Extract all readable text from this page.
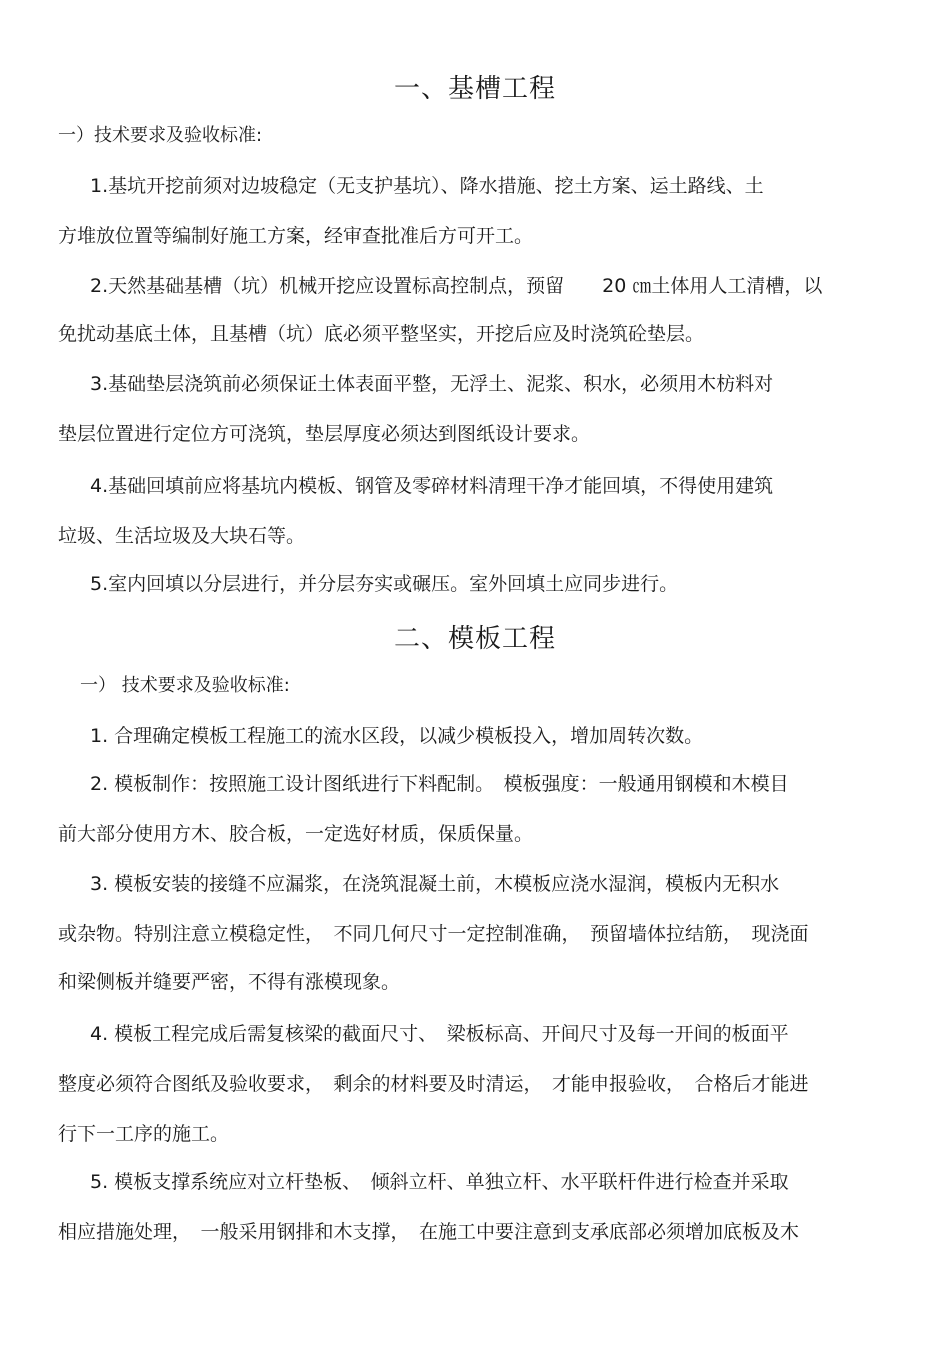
一、基槽工程
一）技术要求及验收标准:
1.基坑开挖前须对边坡稳定（无支护基坑）、降水措施、挖土方案、运土路线、土
方堆放位置等编制好施工方案，经审查批准后方可开工。
2.天然基础基槽（坑）机械开挖应设置标高控制点，预留　　20 ㎝土体用人工清槽，以
免扰动基底土体，且基槽（坑）底必须平整坚实，开挖后应及时浇筑砼垫层。
3.基础垫层浇筑前必须保证土体表面平整，无浮土、泥浆、积水，必须用木枋料对
垫层位置进行定位方可浇筑，垫层厚度必须达到图纸设计要求。
4.基础回填前应将基坑内模板、钢管及零碎材料清理干净才能回填，不得使用建筑
垃圾、生活垃圾及大块石等。
5.室内回填以分层进行，并分层夯实或碾压。室外回填土应同步进行。
二、模板工程
一） 技术要求及验收标准:
1. 合理确定模板工程施工的流水区段，以减少模板投入，增加周转次数。
2. 模板制作：按照施工设计图纸进行下料配制。　模板强度：一般通用钢模和木模目
前大部分使用方木、胶合板，一定选好材质，保质保量。
3. 模板安装的接缝不应漏浆，在浇筑混凝土前，木模板应浇水湿润，模板内无积水
或杂物。特别注意立模稳定性，　不同几何尺寸一定控制准确，　预留墙体拉结筋，　现浇面
和梁侧板并缝要严密，不得有涨模现象。
4. 模板工程完成后需复核梁的截面尺寸、　梁板标高、开间尺寸及每一开间的板面平
整度必须符合图纸及验收要求，　剩余的材料要及时清运，　才能申报验收，　合格后才能进
行下一工序的施工。
5. 模板支撑系统应对立杆垫板、　倾斜立杆、单独立杆、水平联杆件进行检查并采取
相应措施处理，　一般采用钢排和木支撑，　在施工中要注意到支承底部必须增加底板及木
